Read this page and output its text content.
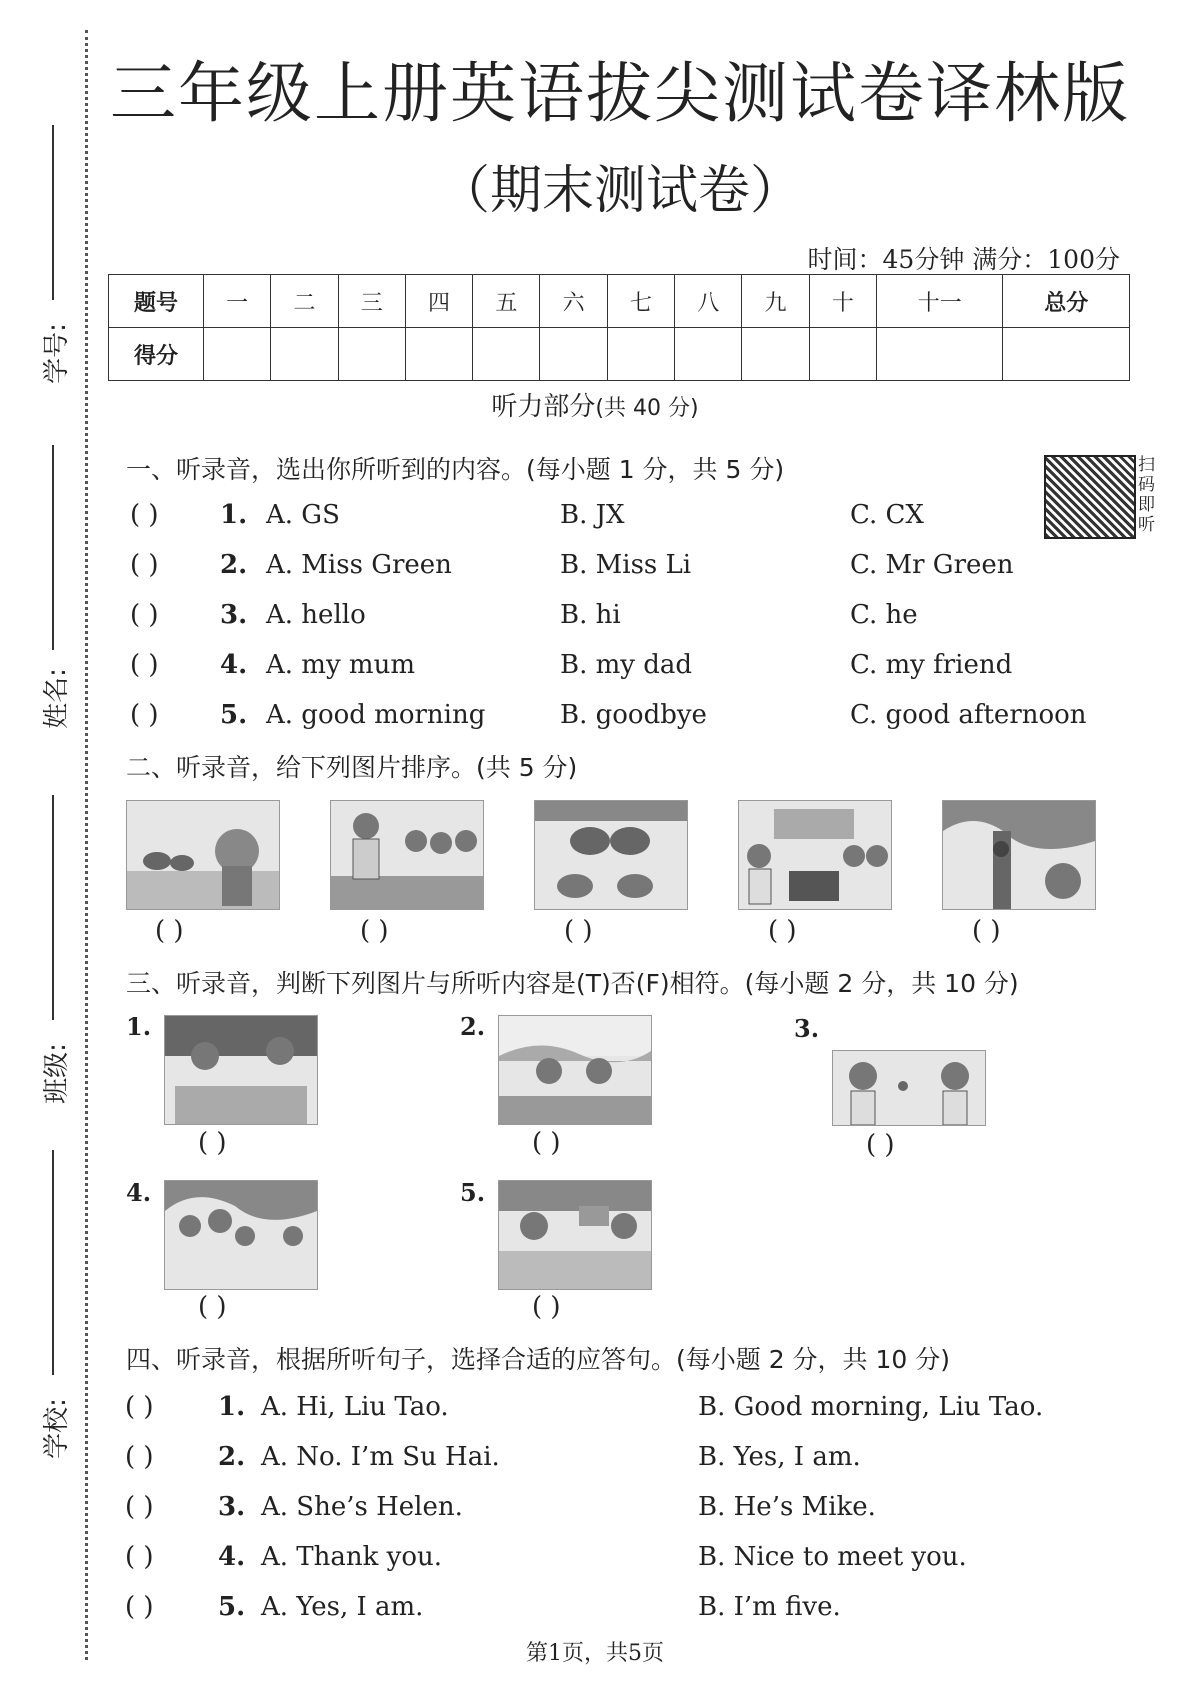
学号:
姓名:
班级:
学校:
三年级上册英语拔尖测试卷译林版
（期末测试卷）
时间：45分钟 满分：100分
题号	一	二	三	四	五	六	七	八	九	十	十一	总分
得分												
听力部分(共 40 分)
扫码即听
一、听录音，选出你所听到的内容。(每小题 1 分，共 5 分)
( ) 1. A. GS	B. JX	C. CX
( ) 2. A. Miss Green	B. Miss Li	C. Mr Green
( ) 3. A. hello	B. hi	C. he
( ) 4. A. my mum	B. my dad	C. my friend
( ) 5. A. good morning	B. goodbye	C. good afternoon
二、听录音，给下列图片排序。(共 5 分)
( )	( )	( )	( )	( )
三、听录音，判断下列图片与所听内容是(T)否(F)相符。(每小题 2 分，共 10 分)
1.
( )
2.
( )
3.
( )
4.
( )
5.
( )
四、听录音，根据所听句子，选择合适的应答句。(每小题 2 分，共 10 分)
( ) 1. A. Hi, Liu Tao.	B. Good morning, Liu Tao.
( ) 2. A. No. I’m Su Hai.	B. Yes, I am.
( ) 3. A. She’s Helen.	B. He’s Mike.
( ) 4. A. Thank you.	B. Nice to meet you.
( ) 5. A. Yes, I am.	B. I’m five.
第1页，共5页
